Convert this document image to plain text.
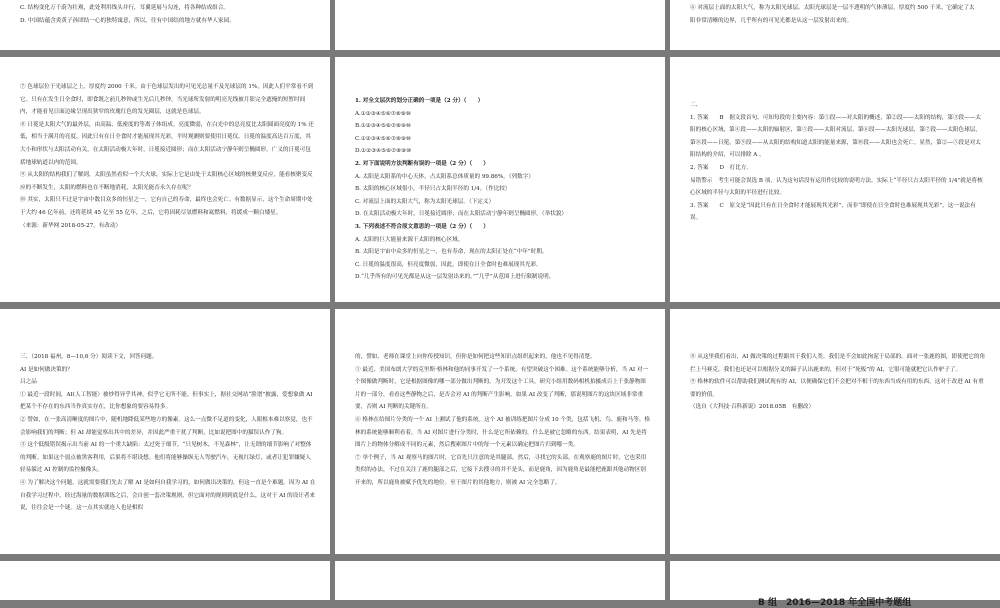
C. 结构变化万千蔚为壮观，此处利用线头并行，耳翼延展与勾连，将各种结成组合。

D. 中国结蕴含炎黄子孙团结一心的独特寓意，所以，往有中国结的地方就有华人家园。

⑥ 对流层上面的太阳大气，称为太阳光球层。太阳光球层是一层不透明的气体薄层，厚度约 500 千米。它确定了太阳非常清晰的边界，几乎所有的可见光都是从这一层发射出来的。

⑦ 色球层位于光球层之上，厚度约 2000 千米。由于色球层发出的可见光总量不及光球层的 1%，因此人们平常看不到它。只有在发生日全食时，即食既之前几秒钟或生光后几秒钟，当光球所发射的明亮光线被月影完全遮掩的短暂时间内，才能看见日面边缘呈现出狭窄的玫瑰红色的发光圈层，这就是色球层。

⑧ 日冕是太阳大气的最外层，由高温、低密度的等离子体组成。亮度微弱，在白光中的总亮度比太阳圆面亮度的 1% 还低，相当于满月的亮度，因此只有在日全食时才能展现其光彩，平时观测则要使用日冕仪。日冕的温度高达百万度，其大小和形状与太阳活动有关，在太阳活动极大年时，日冕接近圆形；而在太阳活动宁静年则呈椭圆形。广义的日冕可包括地球轨道以内的范围。

⑨ 从太阳的结构我们了解到，太阳虽然看似一个大火球，实际上它是由处于太阳核心区域的核聚变反应，能看核聚变反应的不断发生，太阳的燃料也在不断地消耗，太阳光能否永久存在呢？

⑩ 其实，太阳只不过是宇宙中数目众多的恒星之一，它有自己的寿命，最终也会死亡。有数据显示，这个生命周期中处于大约 46 亿年前，还将延续 45 亿至 55 亿年，之后，它将因耗尽氢燃料和氦燃料，将缓成一颗白矮星。

（来源：新华网 2018-05-27，有改动）

1. 对全文层次的划分正确的一项是（2 分）（　　）

A.①②③④⑤⑥⑦⑧⑨⑩

B.①②③④⑤⑥⑦⑧⑨⑩

C.①②③④⑤⑥⑦⑧⑨⑩

D.①②③④⑤⑥⑦⑧⑨⑩

2. 对下面说明方法判断有误的一项是（2 分）（　　）

A. 太阳是太阳系的中心天体，占太阳系总体质量的 99.86%。（列数字）

B. 太阳的核心区域很小，半径只占太阳半径的 1/4。（作比较）

C. 对流层上面的太阳大气，称为太阳光球层。（下定义）

D. 在太阳活动极大年时，日冕接近圆形；而在太阳活动宁静年则呈椭圆形。（举状貌）

3. 下列表述不符合原文意思的一项是（2 分）（　　）

A. 太阳的巨大能量来源于太阳的核心区域。

B. 太阳是宇宙中众多的恒星之一，也有寿命，现在的太阳正处在“中年”时期。

C. 日冕的温度很高，但亮度微弱，因此，即使在日全食时也难展现其光彩。

D.“几乎所有的可见光都是从这一层发射出来的。”“几乎”从范围上进行限制说明。

二、

1. 答案　　B　据文段首句，可知每段的主要内容：第①段——对太阳的概述，第②段——太阳的结构，第③段——太阳的核心区域，第④段——太阳的辐射区，第⑤段——太阳对流层，第⑥段——太阳光球层，第⑦段——太阳色球层，第⑧段——日冕，第⑨段——从太阳的结构知道太阳的能量来源，第⑩段——太阳也会死亡。显然，第②—⑤段是对太阳结构的介绍，可以排除 A 。

2. 答案　　D　打比方。

易错警示　考生可能会误选 B 项，认为这句话没有运用作比较的说明方法。实际上“半径只占太阳半径的 1/4”就是将核心区域的半径与太阳的半径进行比较。

3. 答案　　C　原文是“因此只有在日全食时才能展现其光彩”，而非“即使在日全食时也难展现其光彩”，这一说法有误。

三、（2018 福州，8—10,6 分）阅读下文，回答问题。

AI 是如何做决策的？

吕之品

① 最近一段时间，AI(人工智能）被炒得异乎其神，似乎它无所不能。但事实上，据社交网站“脸谱”披露，爱想象做 AI 把某个不存在的东西当作真实存在，比你想象的要容易得多。

② 譬如，在一张高清晰度的图片中，随机地降低某些地方的像素。这么一点微不足道的变化，人眼根本难以察觉，也不会影响我们的判断；但 AI 却能觉察出其中的差异，并因此严重干扰了判断，比如说把图中的猫误认作了狗。

③ 这个低级错误揭示出当前 AI 的一个重大缺陷：太过死于细节，“只见树木，不见森林”，让无谓的细节影响了对整体的判断。如果这个弱点被黑客利用，后果将不堪设想。他们将能够操纵无人驾驶汽车，无视红绿灯，或者让犯罪嫌疑人轻易躲过 AI 控制的监控摄像头。

④ 为了解决这个问题，这就需要我们先去了解 AI 是如何自我学习的，如何做出决策的，但这一直是个难题。因为 AI 在自我学习过程中，经过海量的数据训练之后，会自创一套决策规则，但它面对的规则到底是什么，这对于 AI 的设计者来说，往往会是一个谜。这一点其实就连人也是相似

的，譬如，老师在课堂上向你传授知识，但你是如何把这些知识点组织起来的，他也不见得清楚。

⑤ 最近，美国布朗大学的克里斯·格林和他的同事开发了一个系统，有望突破这个困难。这个系统能够分析，当 AI 对一个图像做判断时，它是根据图像的哪一部分做出判断的。为开发这个工具，研究小组用数码相机拍摄成百上千张静物图片的一部分，看看这些静物之后，是否会对 AI 的判断产生影响。如果 AI 改变了判断，那说明图片的这块区域非常重要，否则 AI 判断的关键所在。

⑥ 格林在给图片分类的一个 AI 上测试了他的系统。这个 AI 被训练把图片分成 10 个类，包括飞机、鸟、鹿和马等。格林的系统能够顺利看着，当 AI 对图片进行分类时，什么是它所依赖的，什么是被它忽略的东西。结果表明，AI 先是将图片上的物体分解成不同的元素，然后搜索图片中的每一个元素以确定把图片归到哪一类。

⑦ 举个例子，当 AI 观察马的图片时，它首先只注意的是其腿部，然后，寻找它的头部。在观察鹿的图片时，它也采用类似的办法，不过在关注了鹿的腿部之后，它接下去搜寻的并不是头，而是鹿角，因为鹿角是最能把鹿跟其他动物区别开来的，所以鹿角被赋予优先的地位。至于图片的其他地方，则被 AI 完全忽略了。

⑧ 从这里我们看出，AI 做决策的过程跟其于我们人类。我们是不会如此拘泥于局部的。面对一张鹿的图，即使把它的角拦上马赛克，我们也还是可以根据分叉的蹄子认出鹿来的，但对于“死板”的 AI，它很可能就把它认作驴子了。

⑨ 格林的软件可以帮助我们测试现有的 AI，以便确保它们不会把对不相干的东西当成有用的东西，这对于改进 AI 有重要的价值。

（选自《大科技·百科新说》2018.05B　有删改）

B 组　2016—2018 年全国中考题组
